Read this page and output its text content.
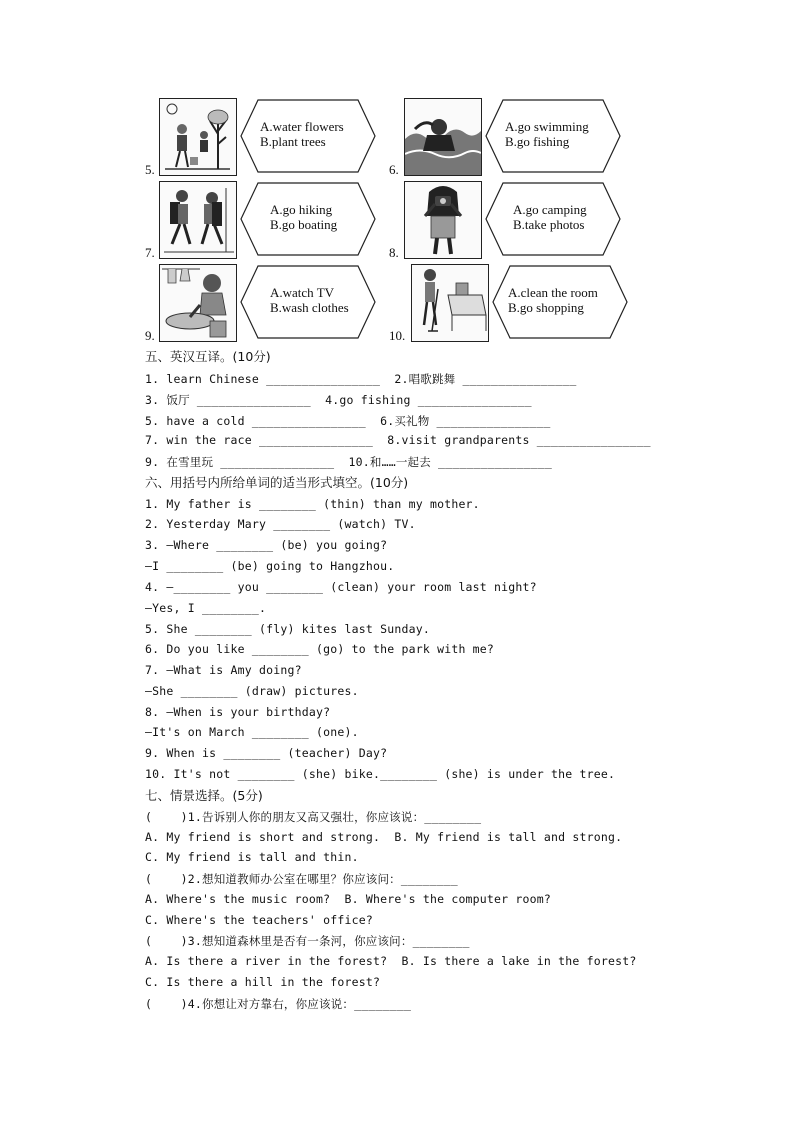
5.
A.water flowers
B.plant trees
6.
A.go swimming
B.go fishing
7.
A.go hiking
B.go boating
8.
A.go camping
B.take photos
9.
A.watch TV
B.wash clothes
10.
A.clean the room
B.go shopping
五、英汉互译。(10分)
1. learn Chinese ________________  2.唱歌跳舞 ________________
3. 饭厅 ________________  4.go fishing ________________
5. have a cold ________________  6.买礼物 ________________
7. win the race ________________  8.visit grandparents ________________
9. 在雪里玩 ________________  10.和……一起去 ________________
六、用括号内所给单词的适当形式填空。(10分)
1. My father is ________ (thin) than my mother.
2. Yesterday Mary ________ (watch) TV.
3. —Where ________ (be) you going?
—I ________ (be) going to Hangzhou.
4. —________ you ________ (clean) your room last night?
—Yes, I ________.
5. She ________ (fly) kites last Sunday.
6. Do you like ________ (go) to the park with me?
7. —What is Amy doing?
—She ________ (draw) pictures.
8. —When is your birthday?
—It's on March ________ (one).
9. When is ________ (teacher) Day?
10. It's not ________ (she) bike.________ (she) is under the tree.
七、情景选择。(5分)
(    )1.告诉别人你的朋友又高又强壮，你应该说：________
A. My friend is short and strong.  B. My friend is tall and strong.
C. My friend is tall and thin.
(    )2.想知道教师办公室在哪里？你应该问：________
A. Where's the music room?  B. Where's the computer room?
C. Where's the teachers' office?
(    )3.想知道森林里是否有一条河，你应该问：________
A. Is there a river in the forest?  B. Is there a lake in the forest?
C. Is there a hill in the forest?
(    )4.你想让对方靠右，你应该说：________
